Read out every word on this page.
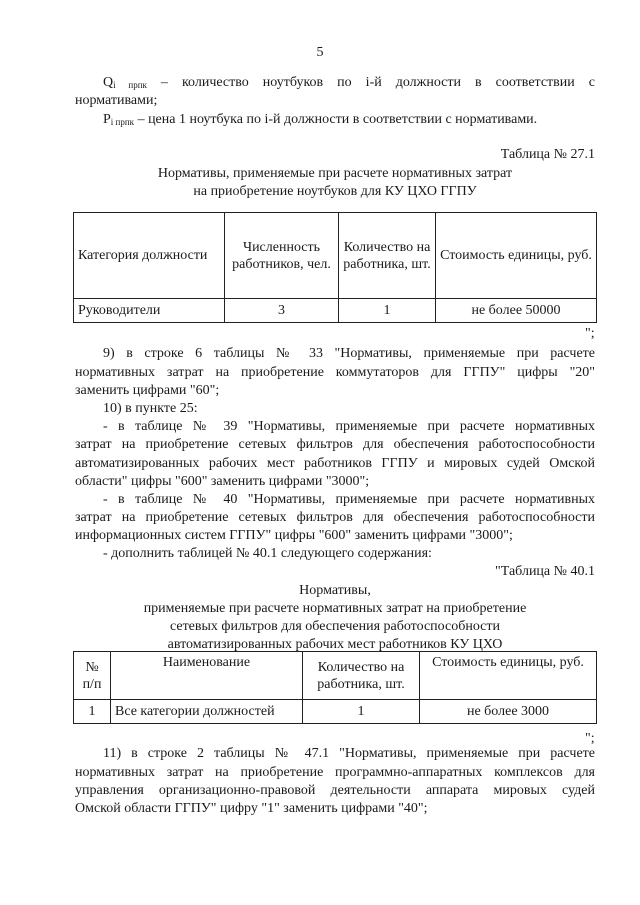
5
$Q_{i прпк}$ – количество ноутбуков по i-й должности в соответствии с
нормативами;
$P_{i прпк}$ – цена 1 ноутбука по i-й должности в соответствии с нормативами.
Таблица № 27.1
Нормативы, применяемые при расчете нормативных затрат
на приобретение ноутбуков для КУ ЦХО ГГПУ
Категория должности	Численность работников, чел.	Количество на работника, шт.	Стоимость единицы, руб.
Руководители	3	1	не более 50000
";
9) в строке 6 таблицы № 33 "Нормативы, применяемые при расчете
нормативных затрат на приобретение коммутаторов для ГГПУ" цифры "20"
заменить цифрами "60";
10) в пункте 25:
- в таблице № 39 "Нормативы, применяемые при расчете нормативных
затрат на приобретение сетевых фильтров для обеспечения работоспособности
автоматизированных рабочих мест работников ГГПУ и мировых судей Омской
области" цифры "600" заменить цифрами "3000";
- в таблице № 40 "Нормативы, применяемые при расчете нормативных
затрат на приобретение сетевых фильтров для обеспечения работоспособности
информационных систем ГГПУ" цифры "600" заменить цифрами "3000";
- дополнить таблицей № 40.1 следующего содержания:
"Таблица № 40.1
Нормативы,
применяемые при расчете нормативных затрат на приобретение
сетевых фильтров для обеспечения работоспособности
автоматизированных рабочих мест работников КУ ЦХО
№ п/п	Наименование	Количество на работника, шт.	Стоимость единицы, руб.
1	Все категории должностей	1	не более 3000
";
11) в строке 2 таблицы № 47.1 "Нормативы, применяемые при расчете
нормативных затрат на приобретение программно-аппаратных комплексов для
управления организационно-правовой деятельности аппарата мировых судей
Омской области ГГПУ" цифру "1" заменить цифрами "40";
